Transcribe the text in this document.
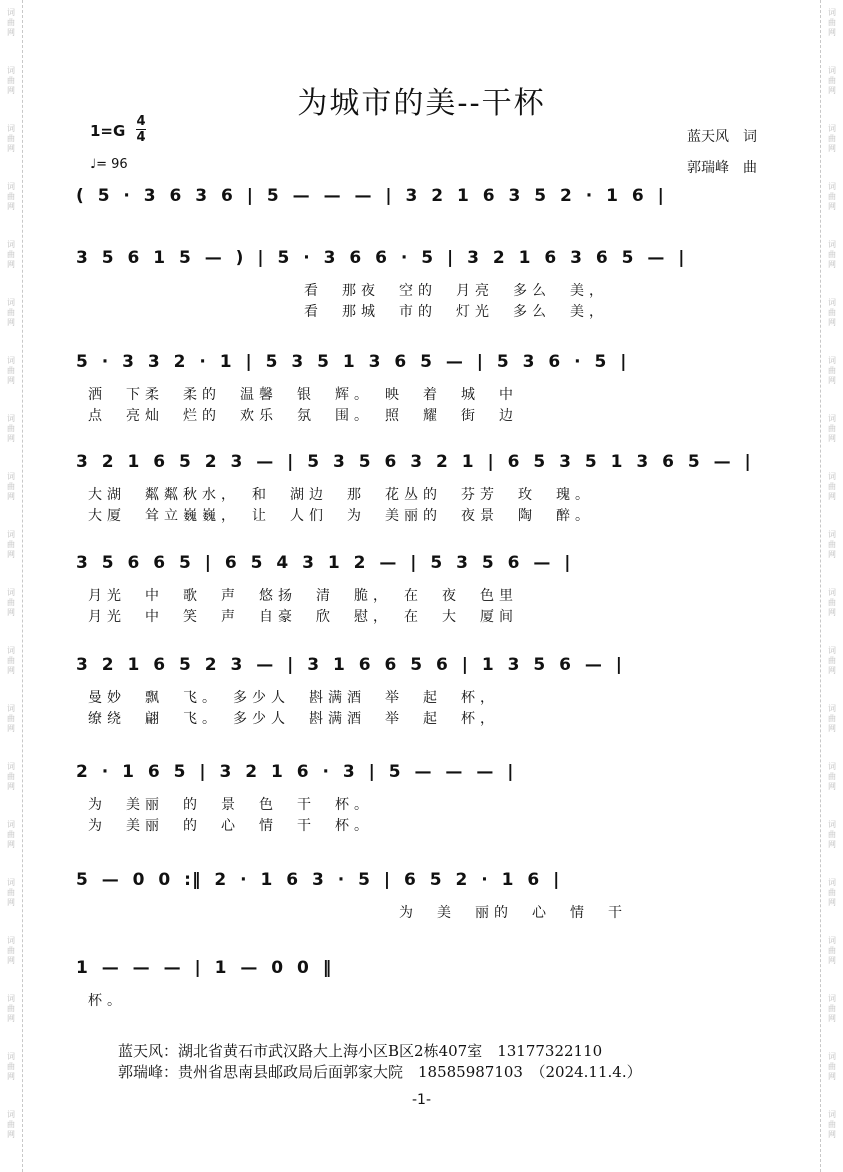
词
曲
网
词
曲
网
词
曲
网
词
曲
网
词
曲
网
词
曲
网
词
曲
网
词
曲
网
词
曲
网
词
曲
网
词
曲
网
词
曲
网
词
曲
网
词
曲
网
词
曲
网
词
曲
网
词
曲
网
词
曲
网
词
曲
网
词
曲
网
词
曲
网
词
曲
网
词
曲
网
词
曲
网
词
曲
网
词
曲
网
词
曲
网
词
曲
网
词
曲
网
词
曲
网
词
曲
网
词
曲
网
词
曲
网
词
曲
网
词
曲
网
词
曲
网
词
曲
网
词
曲
网
词
曲
网
词
曲
网
为城市的美--干杯
1=G
4
4
♩= 96
蓝天风　词
郭瑞峰　曲
( 5 · 3 6 3 6 | 5 — — — | 3 2 1 6 3 5 2 · 1 6 |
3 5 6 1 5 — ) | 5 · 3 6 6 · 5 | 3 2 1 6 3 6 5 — |
看　那夜　空的　月亮　多么　美，
看　那城　市的　灯光　多么　美，
5 · 3 3 2 · 1 | 5 3 5 1 3 6 5 — | 5 3 6 · 5 |
洒　下柔　柔的　温馨　银　辉。　映　着　城　中
点　亮灿　烂的　欢乐　氛　围。　照　耀　街　边
3 2 1 6 5 2 3 — | 5 3 5 6 3 2 1 | 6 5 3 5 1 3 6 5 — |
大湖　粼粼秋水，　和　湖边　那　花丛的　芬芳　玫　瑰。
大厦　耸立巍巍，　让　人们　为　美丽的　夜景　陶　醉。
3 5 6 6 5 | 6 5 4 3 1 2 — | 5 3 5 6 — |
月光　中　歌　声　悠扬　清　脆，　在　夜　色里
月光　中　笑　声　自豪　欣　慰，　在　大　厦间
3 2 1 6 5 2 3 — | 3 1 6 6 5 6 | 1 3 5 6 — |
曼妙　飘　飞。　多少人　斟满酒　举　起　杯，
缭绕　翩　飞。　多少人　斟满酒　举　起　杯，
2 · 1 6 5 | 3 2 1 6 · 3 | 5 — — — |
为　美丽　的　景　色　干　杯。
为　美丽　的　心　情　干　杯。
5 — 0 0 :‖ 2 · 1 6 3 · 5 | 6 5 2 · 1 6 |
　　　　　为　美　丽的　心　情　干
1 — — — | 1 — 0 0 ‖
杯。
蓝天风：湖北省黄石市武汉路大上海小区B区2栋407室　13177322110
郭瑞峰：贵州省思南县邮政局后面郭家大院　18585987103　（2024.11.4.）
-1-
